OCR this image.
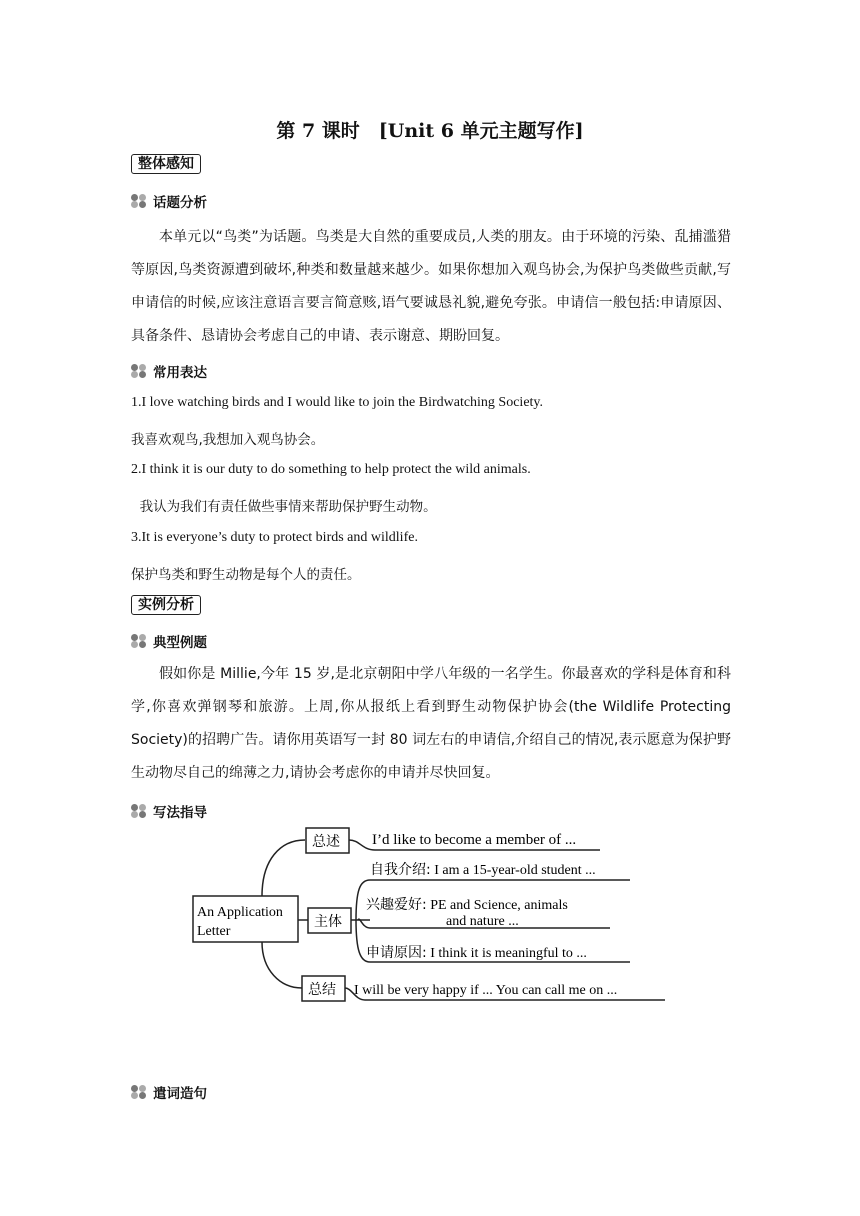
第 7 课时　[Unit 6 单元主题写作]
整体感知
话题分析
本单元以“鸟类”为话题。鸟类是大自然的重要成员,人类的朋友。由于环境的污染、乱捕滥猎等原因,鸟类资源遭到破坏,种类和数量越来越少。如果你想加入观鸟协会,为保护鸟类做些贡献,写申请信的时候,应该注意语言要言简意赅,语气要诚恳礼貌,避免夸张。申请信一般包括:申请原因、具备条件、恳请协会考虑自己的申请、表示谢意、期盼回复。
常用表达
1.I love watching birds and I would like to join the Birdwatching Society.
我喜欢观鸟,我想加入观鸟协会。
2.I think it is our duty to do something to help protect the wild animals.
我认为我们有责任做些事情来帮助保护野生动物。
3.It is everyone’s duty to protect birds and wildlife.
保护鸟类和野生动物是每个人的责任。
实例分析
典型例题
假如你是 Millie,今年 15 岁,是北京朝阳中学八年级的一名学生。你最喜欢的学科是体育和科学,你喜欢弹钢琴和旅游。上周,你从报纸上看到野生动物保护协会(the Wildlife Protecting Society)的招聘广告。请你用英语写一封 80 词左右的申请信,介绍自己的情况,表示愿意为保护野生动物尽自己的绵薄之力,请协会考虑你的申请并尽快回复。
写法指导
An Application
Letter
总述 I’d like to become a member of ...
主体
自我介绍: I am a 15-year-old student ...
兴趣爱好: PE and Science, animals
and nature ...
申请原因: I think it is meaningful to ...
总结 I will be very happy if ... You can call me on ...
遣词造句
